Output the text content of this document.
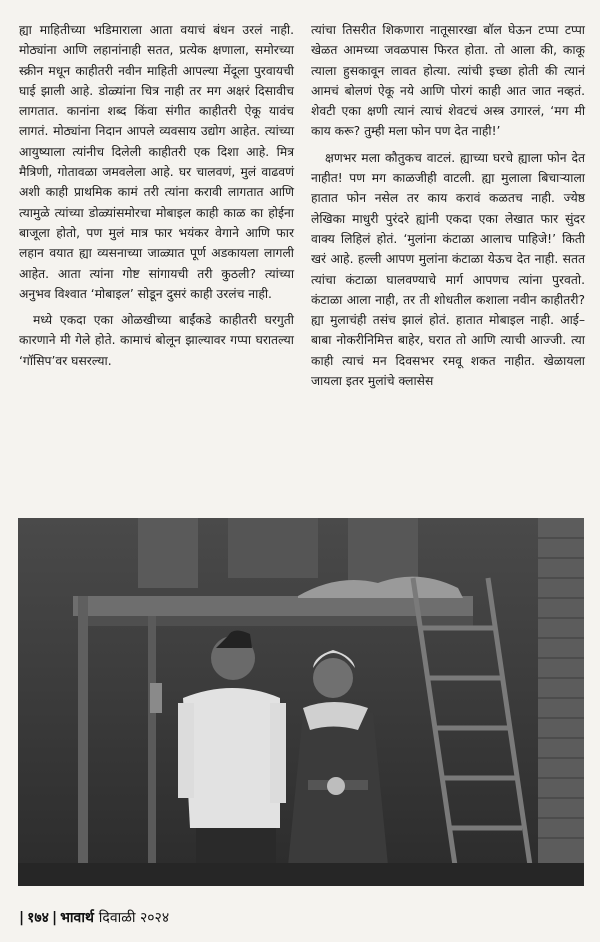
ह्या माहितीच्या भडिमाराला आता वयाचं बंधन उरलं नाही. मोठ्यांना आणि लहानांनाही सतत, प्रत्येक क्षणाला, समोरच्या स्क्रीन मधून काहीतरी नवीन माहिती आपल्या मेंदूला पुरवायची घाई झाली आहे. डोळ्यांना चित्र नाही तर मग अक्षरं दिसावीच लागतात. कानांना शब्द किंवा संगीत काहीतरी ऐकू यावंच लागतं. मोठ्यांना निदान आपले व्यवसाय उद्योग आहेत. त्यांच्या आयुष्याला त्यांनीच दिलेली काहीतरी एक दिशा आहे. मित्र मैत्रिणी, गोतावळा जमवलेला आहे. घर चालवणं, मुलं वाढवणं अशी काही प्राथमिक कामं तरी त्यांना करावी लागतात आणि त्यामुळे त्यांच्या डोळ्यांसमोरचा मोबाइल काही काळ का होईना बाजूला होतो, पण मुलं मात्र फार भयंकर वेगाने आणि फार लहान वयात ह्या व्यसनाच्या जाळ्यात पूर्ण अडकायला लागली आहेत. आता त्यांना गोष्ट सांगायची तरी कुठली? त्यांच्या अनुभव विश्वात ‘मोबाइल’ सोडून दुसरं काही उरलंच नाही.

मध्ये एकदा एका ओळखीच्या बाईंकडे काहीतरी घरगुती कारणाने मी गेले होते. कामाचं बोलून झाल्यावर गप्पा घरातल्या ‘गॉसिप’वर घसरल्या.

त्यांचा तिसरीत शिकणारा नातूसारखा बॉल घेऊन टप्पा टप्पा खेळत आमच्या जवळपास फिरत होता. तो आला की, काकू त्याला हुसकावून लावत होत्या. त्यांची इच्छा होती की त्यानं आमचं बोलणं ऐकू नये आणि पोरगं काही आत जात नव्हतं. शेवटी एका क्षणी त्यानं त्याचं शेवटचं अस्त्र उगारलं, ‘मग मी काय करू? तुम्ही मला फोन पण देत नाही!’

क्षणभर मला कौतुकच वाटलं. ह्याच्या घरचे ह्याला फोन देत नाहीत! पण मग काळजीही वाटली. ह्या मुलाला बिचाऱ्याला हातात फोन नसेल तर काय करावं कळतच नाही. ज्येष्ठ लेखिका माधुरी पुरंदरे ह्यांनी एकदा एका लेखात फार सुंदर वाक्य लिहिलं होतं. ‘मुलांना कंटाळा आलाच पाहिजे!’ किती खरं आहे. हल्ली आपण मुलांना कंटाळा येऊच देत नाही. सतत त्यांचा कंटाळा घालवण्याचे मार्ग आपणच त्यांना पुरवतो. कंटाळा आला नाही, तर ती शोधतील कशाला नवीन काहीतरी? ह्या मुलाचंही तसंच झालं होतं. हातात मोबाइल नाही. आई–बाबा नोकरीनिमित्त बाहेर, घरात तो आणि त्याची आज्जी. त्या काही त्याचं मन दिवसभर रमवू शकत नाहीत. खेळायला जायला इतर मुलांचे क्लासेस

| १७४ | भावार्थ दिवाळी २०२४
